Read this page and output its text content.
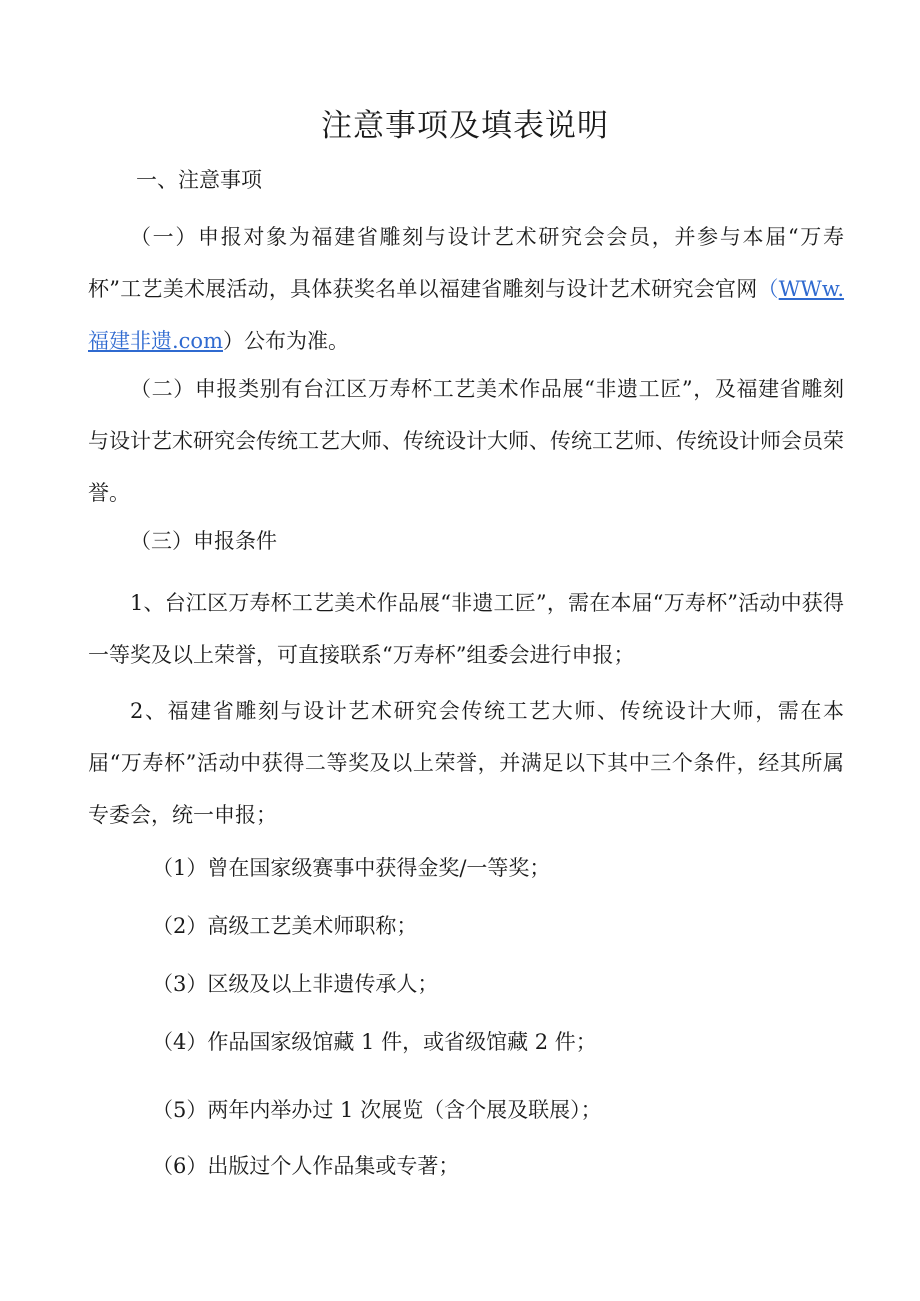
注意事项及填表说明
一、注意事项
（一）申报对象为福建省雕刻与设计艺术研究会会员，并参与本届“万寿杯”工艺美术展活动，具体获奖名单以福建省雕刻与设计艺术研究会官网（WWw.福建非遗.com）公布为准。
（二）申报类别有台江区万寿杯工艺美术作品展“非遗工匠”，及福建省雕刻与设计艺术研究会传统工艺大师、传统设计大师、传统工艺师、传统设计师会员荣誉。
（三）申报条件
1、台江区万寿杯工艺美术作品展“非遗工匠”，需在本届“万寿杯”活动中获得一等奖及以上荣誉，可直接联系“万寿杯”组委会进行申报；
2、福建省雕刻与设计艺术研究会传统工艺大师、传统设计大师，需在本届“万寿杯”活动中获得二等奖及以上荣誉，并满足以下其中三个条件，经其所属专委会，统一申报；
（1）曾在国家级赛事中获得金奖/一等奖；
（2）高级工艺美术师职称；
（3）区级及以上非遗传承人；
（4）作品国家级馆藏 1 件，或省级馆藏 2 件；
（5）两年内举办过 1 次展览（含个展及联展）；
（6）出版过个人作品集或专著；
